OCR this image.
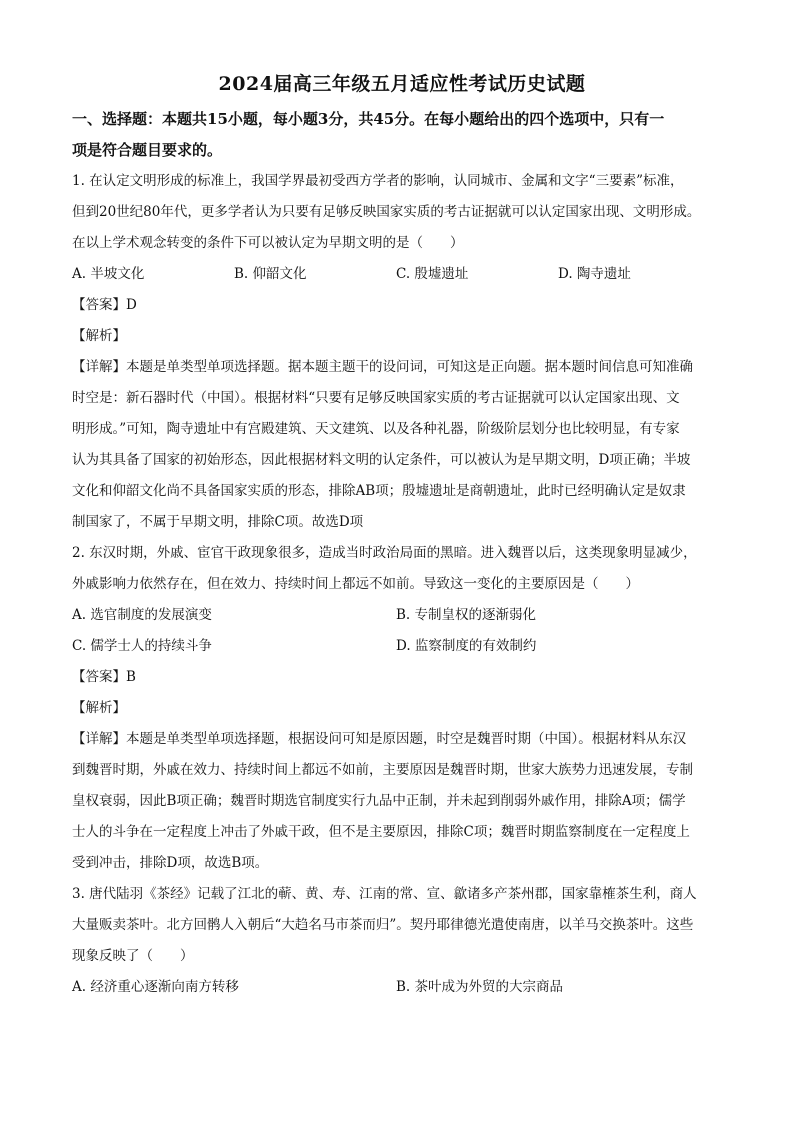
2024届高三年级五月适应性考试历史试题
一、选择题：本题共15小题，每小题3分，共45分。在每小题给出的四个选项中，只有一
项是符合题目要求的。
1. 在认定文明形成的标准上，我国学界最初受西方学者的影响，认同城市、金属和文字“三要素”标准，
但到20世纪80年代，更多学者认为只要有足够反映国家实质的考古证据就可以认定国家出现、文明形成。
在以上学术观念转变的条件下可以被认定为早期文明的是（　　）
A. 半坡文化	B. 仰韶文化	C. 殷墟遗址	D. 陶寺遗址
【答案】D
【解析】
【详解】本题是单类型单项选择题。据本题主题干的设问词，可知这是正向题。据本题时间信息可知准确
时空是：新石器时代（中国）。根据材料“只要有足够反映国家实质的考古证据就可以认定国家出现、文
明形成。”可知，陶寺遗址中有宫殿建筑、天文建筑、以及各种礼器，阶级阶层划分也比较明显，有专家
认为其具备了国家的初始形态，因此根据材料文明的认定条件，可以被认为是早期文明，D项正确；半坡
文化和仰韶文化尚不具备国家实质的形态，排除AB项；殷墟遗址是商朝遗址，此时已经明确认定是奴隶
制国家了，不属于早期文明，排除C项。故选D项
2. 东汉时期，外戚、宦官干政现象很多，造成当时政治局面的黑暗。进入魏晋以后，这类现象明显减少，
外戚影响力依然存在，但在效力、持续时间上都远不如前。导致这一变化的主要原因是（　　）
A. 选官制度的发展演变	B. 专制皇权的逐渐弱化
C. 儒学士人的持续斗争	D. 监察制度的有效制约
【答案】B
【解析】
【详解】本题是单类型单项选择题，根据设问可知是原因题，时空是魏晋时期（中国）。根据材料从东汉
到魏晋时期，外戚在效力、持续时间上都远不如前，主要原因是魏晋时期，世家大族势力迅速发展，专制
皇权衰弱，因此B项正确；魏晋时期选官制度实行九品中正制，并未起到削弱外戚作用，排除A项；儒学
士人的斗争在一定程度上冲击了外戚干政，但不是主要原因，排除C项；魏晋时期监察制度在一定程度上
受到冲击，排除D项，故选B项。
3. 唐代陆羽《茶经》记载了江北的蕲、黄、寿、江南的常、宣、歙诸多产茶州郡，国家靠榷茶生利，商人
大量贩卖茶叶。北方回鹘人入朝后“大趋名马市茶而归”。契丹耶律德光遣使南唐，以羊马交换茶叶。这些
现象反映了（　　）
A. 经济重心逐渐向南方转移	B. 茶叶成为外贸的大宗商品
